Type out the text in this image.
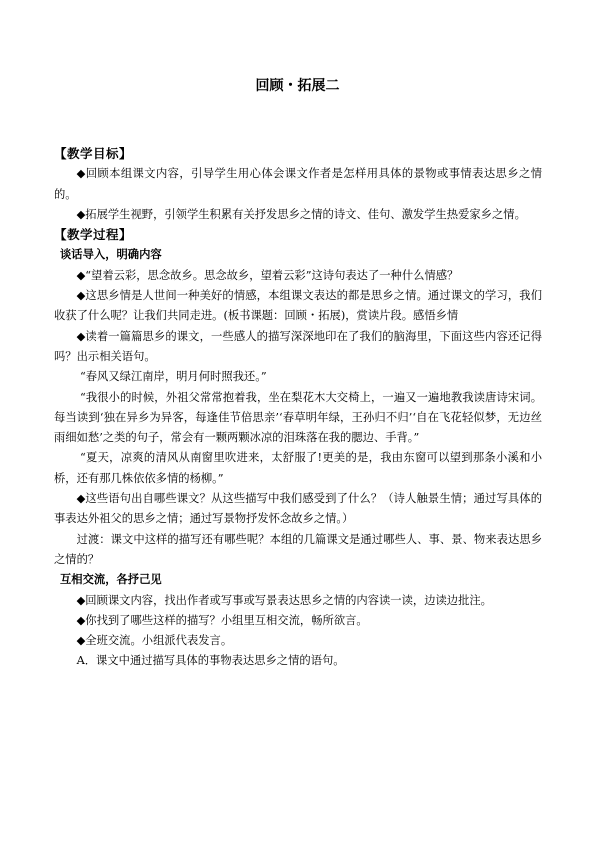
回顾・拓展二

【教学目标】

◆回顾本组课文内容，引导学生用心体会课文作者是怎样用具体的景物或事情表达思乡之情的。

◆拓展学生视野，引领学生积累有关抒发思乡之情的诗文、佳句、激发学生热爱家乡之情。

【教学过程】

谈话导入，明确内容

◆“望着云彩，思念故乡。思念故乡，望着云彩”这诗句表达了一种什么情感？

◆这思乡情是人世间一种美好的情感，本组课文表达的都是思乡之情。通过课文的学习，我们收获了什么呢？让我们共同走进。(板书课题：回顾・拓展)，赏读片段。感悟乡情

◆读着一篇篇思乡的课文，一些感人的描写深深地印在了我们的脑海里，下面这些内容还记得吗？出示相关语句。

“春风又绿江南岸，明月何时照我还。”

“我很小的时候，外祖父常常抱着我，坐在梨花木大交椅上，一遍又一遍地教我读唐诗宋词。每当读到‘独在异乡为异客，每逢佳节倍思亲’‘春草明年绿，王孙归不归’‘自在飞花轻似梦，无边丝雨细如愁’之类的句子，常会有一颗两颗冰凉的泪珠落在我的腮边、手背。”

“夏天，凉爽的清风从南窗里吹进来，太舒服了!更美的是，我由东窗可以望到那条小溪和小桥，还有那几株依依多情的杨柳。”

◆这些语句出自哪些课文？从这些描写中我们感受到了什么？（诗人触景生情；通过写具体的事表达外祖父的思乡之情；通过写景物抒发怀念故乡之情。）

过渡：课文中这样的描写还有哪些呢？本组的几篇课文是通过哪些人、事、景、物来表达思乡之情的？

互相交流，各抒己见

◆回顾课文内容，找出作者或写事或写景表达思乡之情的内容读一读，边读边批注。

◆你找到了哪些这样的描写？小组里互相交流，畅所欲言。

◆全班交流。小组派代表发言。

A．课文中通过描写具体的事物表达思乡之情的语句。
